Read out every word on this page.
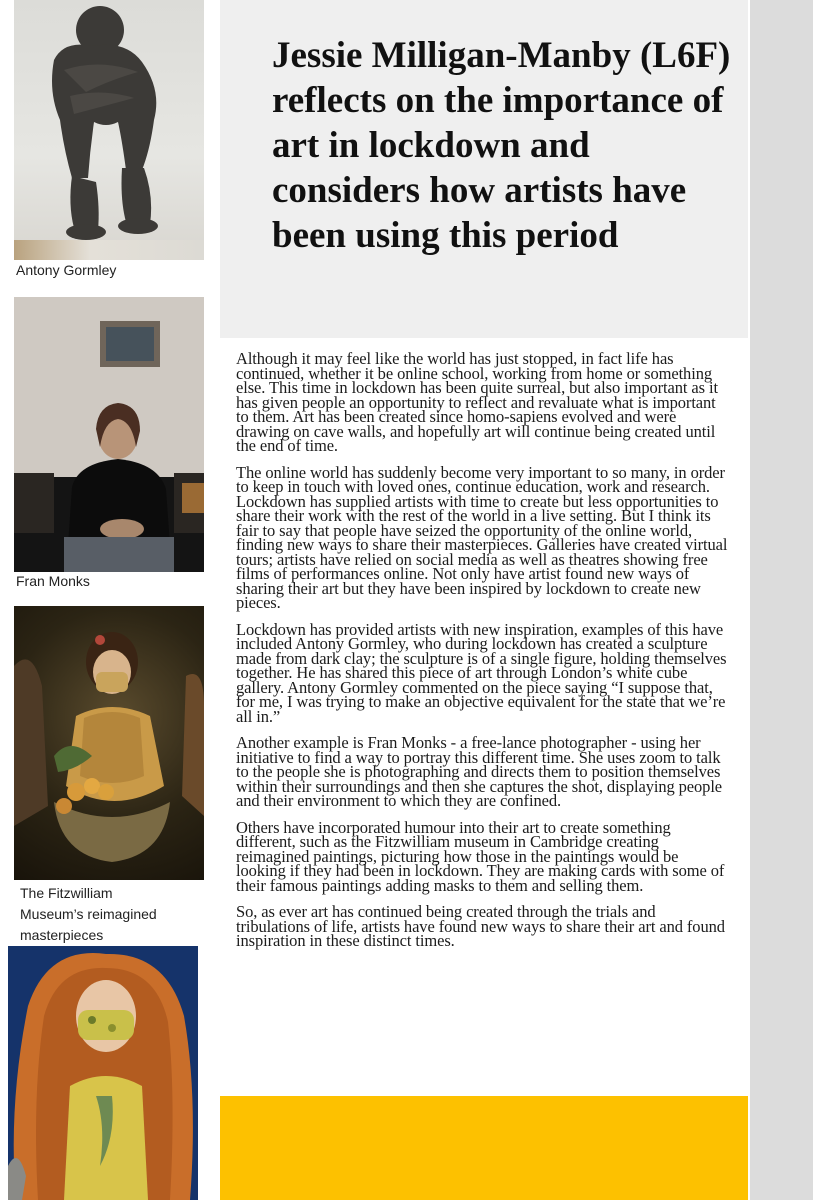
Jessie Milligan-Manby (L6F) reflects on the importance of art in lockdown and considers how artists have been using this period

Although it may feel like the world has just stopped, in fact life has continued, whether it be online school, working from home or something else. This time in lockdown has been quite surreal, but also important as it has given people an opportunity to reflect and revaluate what is important to them. Art has been created since homo-sapiens evolved and were drawing on cave walls, and hopefully art will continue being created until the end of time.

The online world has suddenly become very important to so many, in order to keep in touch with loved ones, continue education, work and research. Lockdown has supplied artists with time to create but less opportunities to share their work with the rest of the world in a live setting. But I think its fair to say that people have seized the opportunity of the online world, finding new ways to share their masterpieces. Galleries have created virtual tours; artists have relied on social media as well as theatres showing free films of performances online. Not only have artist found new ways of sharing their art but they have been inspired by lockdown to create new pieces.

Lockdown has provided artists with new inspiration, examples of this have included Antony Gormley, who during lockdown has created a sculpture made from dark clay; the sculpture is of a single figure, holding themselves together. He has shared this piece of art through London’s white cube gallery. Antony Gormley commented on the piece saying “I suppose that, for me, I was trying to make an objective equivalent for the state that we’re all in.”

Another example is Fran Monks - a free-lance photographer - using her initiative to find a way to portray this different time. She uses zoom to talk to the people she is photographing and directs them to position themselves within their surroundings and then she captures the shot, displaying people and their environment to which they are confined.

Others have incorporated humour into their art to create something different, such as the Fitzwilliam museum in Cambridge creating reimagined paintings, picturing how those in the paintings would be looking if they had been in lockdown. They are making cards with some of their famous paintings adding masks to them and selling them.

So, as ever art has continued being created through the trials and tribulations of life, artists have found new ways to share their art and found inspiration in these distinct times.

Antony Gormley
Fran Monks
The Fitzwilliam
Museum’s reimagined
masterpieces
